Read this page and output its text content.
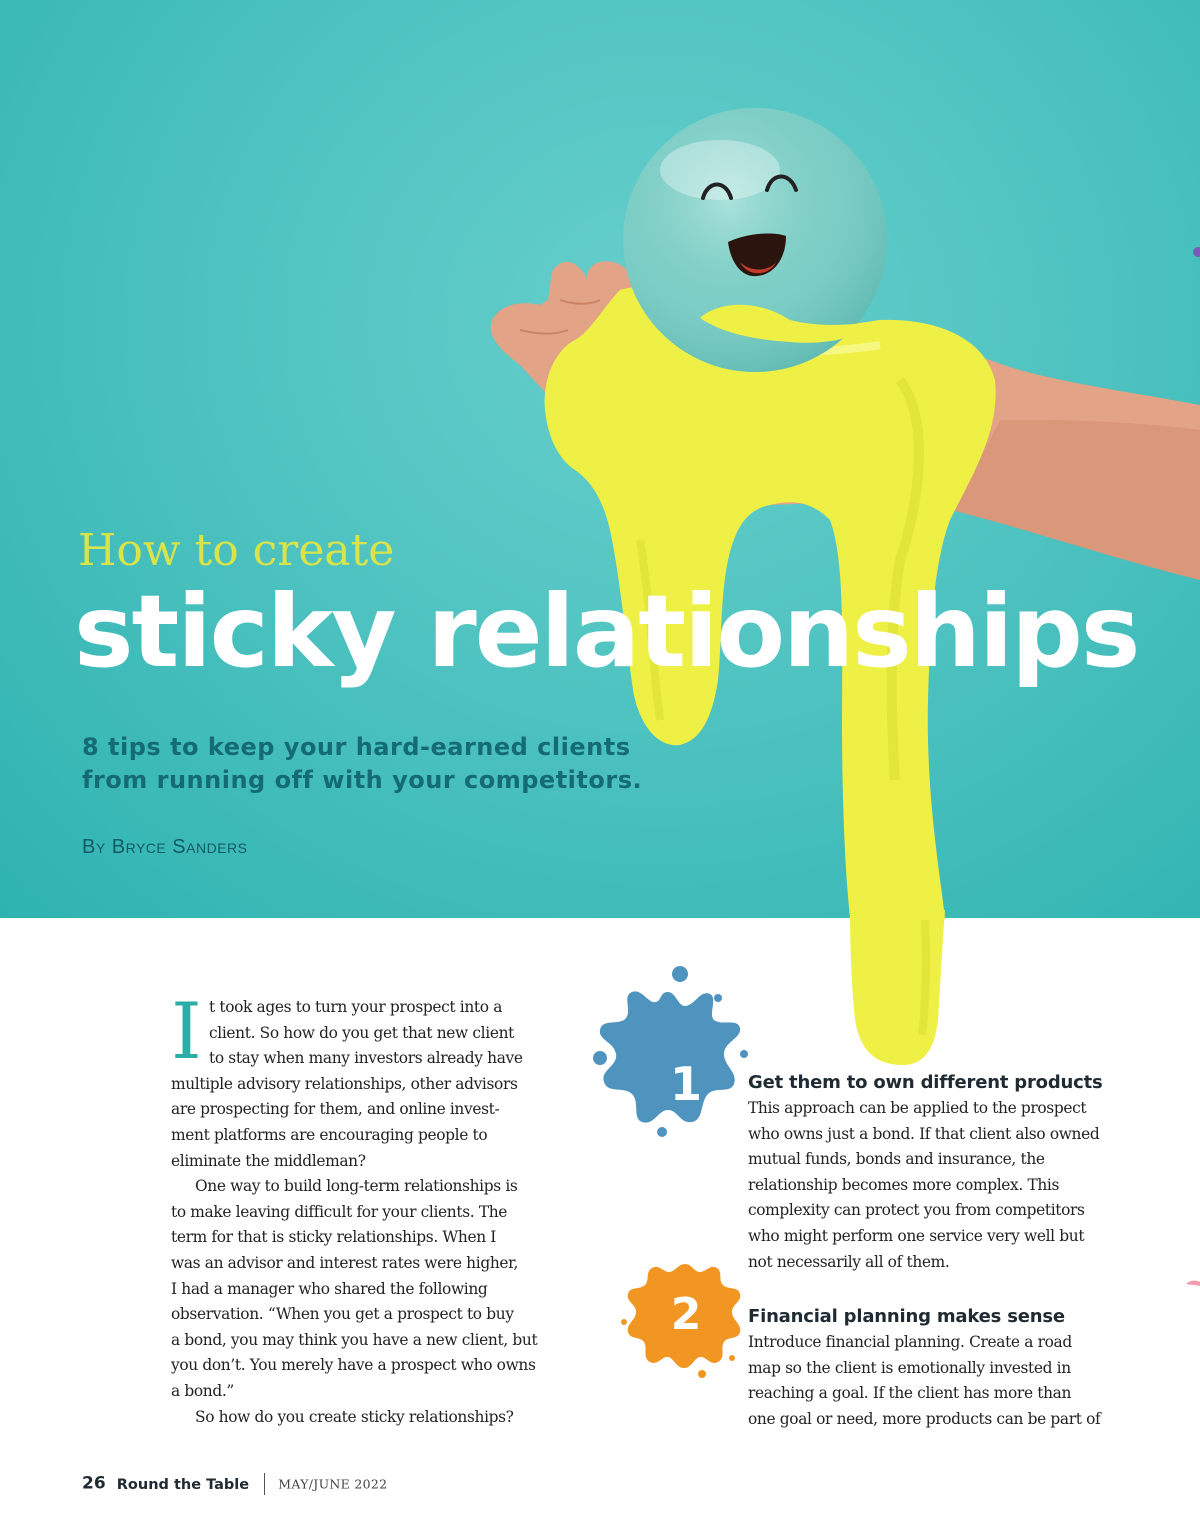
How to create
sticky relationships
8 tips to keep your hard-earned clients from running off with your competitors.
By Bryce Sanders
I t took ages to turn your prospect into a
client. So how do you get that new client
to stay when many investors already have
multiple advisory relationships, other advisors
are prospecting for them, and online invest-
ment platforms are encouraging people to
eliminate the middleman?
One way to build long-term relationships is
to make leaving difficult for your clients. The
term for that is sticky relationships. When I
was an advisor and interest rates were higher,
I had a manager who shared the following
observation. “When you get a prospect to buy
a bond, you may think you have a new client, but
you don’t. You merely have a prospect who owns
a bond.”
So how do you create sticky relationships?
1
2
Get them to own different products
This approach can be applied to the prospect
who owns just a bond. If that client also owned
mutual funds, bonds and insurance, the
relationship becomes more complex. This
complexity can protect you from competitors
who might perform one service very well but
not necessarily all of them.
Financial planning makes sense
Introduce financial planning. Create a road
map so the client is emotionally invested in
reaching a goal. If the client has more than
one goal or need, more products can be part of
26 Round the Table MAY/JUNE 2022
